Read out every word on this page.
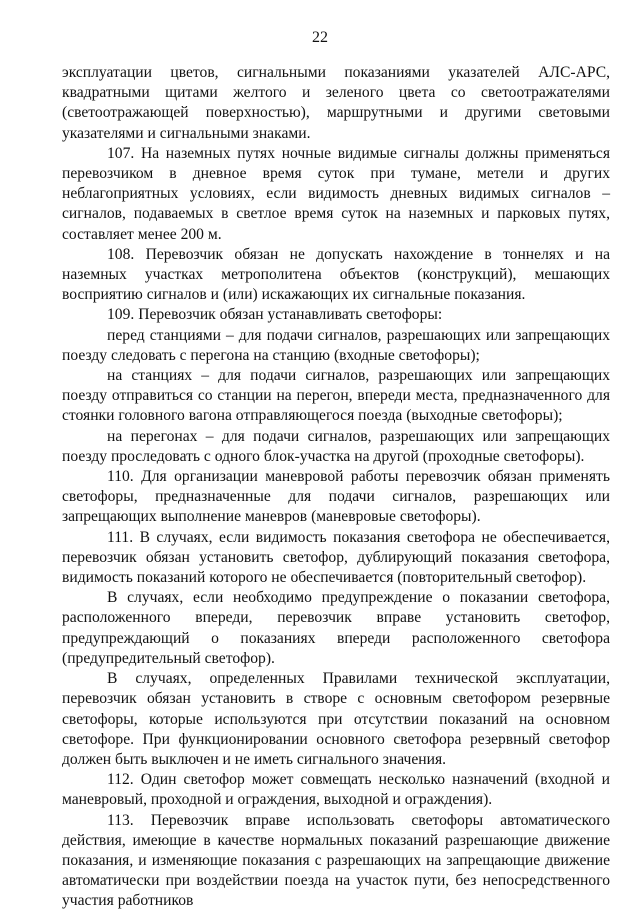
22

эксплуатации цветов, сигнальными показаниями указателей АЛС-АРС, квадратными щитами желтого и зеленого цвета со светоотражателями (светоотражающей поверхностью), маршрутными и другими световыми указателями и сигнальными знаками.

107. На наземных путях ночные видимые сигналы должны применяться перевозчиком в дневное время суток при тумане, метели и других неблагоприятных условиях, если видимость дневных видимых сигналов – сигналов, подаваемых в светлое время суток на наземных и парковых путях, составляет менее 200 м.

108. Перевозчик обязан не допускать нахождение в тоннелях и на наземных участках метрополитена объектов (конструкций), мешающих восприятию сигналов и (или) искажающих их сигнальные показания.

109. Перевозчик обязан устанавливать светофоры:

перед станциями – для подачи сигналов, разрешающих или запрещающих поезду следовать с перегона на станцию (входные светофоры);

на станциях – для подачи сигналов, разрешающих или запрещающих поезду отправиться со станции на перегон, впереди места, предназначенного для стоянки головного вагона отправляющегося поезда (выходные светофоры);

на перегонах – для подачи сигналов, разрешающих или запрещающих поезду проследовать с одного блок-участка на другой (проходные светофоры).

110. Для организации маневровой работы перевозчик обязан применять светофоры, предназначенные для подачи сигналов, разрешающих или запрещающих выполнение маневров (маневровые светофоры).

111. В случаях, если видимость показания светофора не обеспечивается, перевозчик обязан установить светофор, дублирующий показания светофора, видимость показаний которого не обеспечивается (повторительный светофор).

В случаях, если необходимо предупреждение о показании светофора, расположенного впереди, перевозчик вправе установить светофор, предупреждающий о показаниях впереди расположенного светофора (предупредительный светофор).

В случаях, определенных Правилами технической эксплуатации, перевозчик обязан установить в створе с основным светофором резервные светофоры, которые используются при отсутствии показаний на основном светофоре. При функционировании основного светофора резервный светофор должен быть выключен и не иметь сигнального значения.

112. Один светофор может совмещать несколько назначений (входной и маневровый, проходной и ограждения, выходной и ограждения).

113. Перевозчик вправе использовать светофоры автоматического действия, имеющие в качестве нормальных показаний разрешающие движение показания, и изменяющие показания с разрешающих на запрещающие движение автоматически при воздействии поезда на участок пути, без непосредственного участия работников
